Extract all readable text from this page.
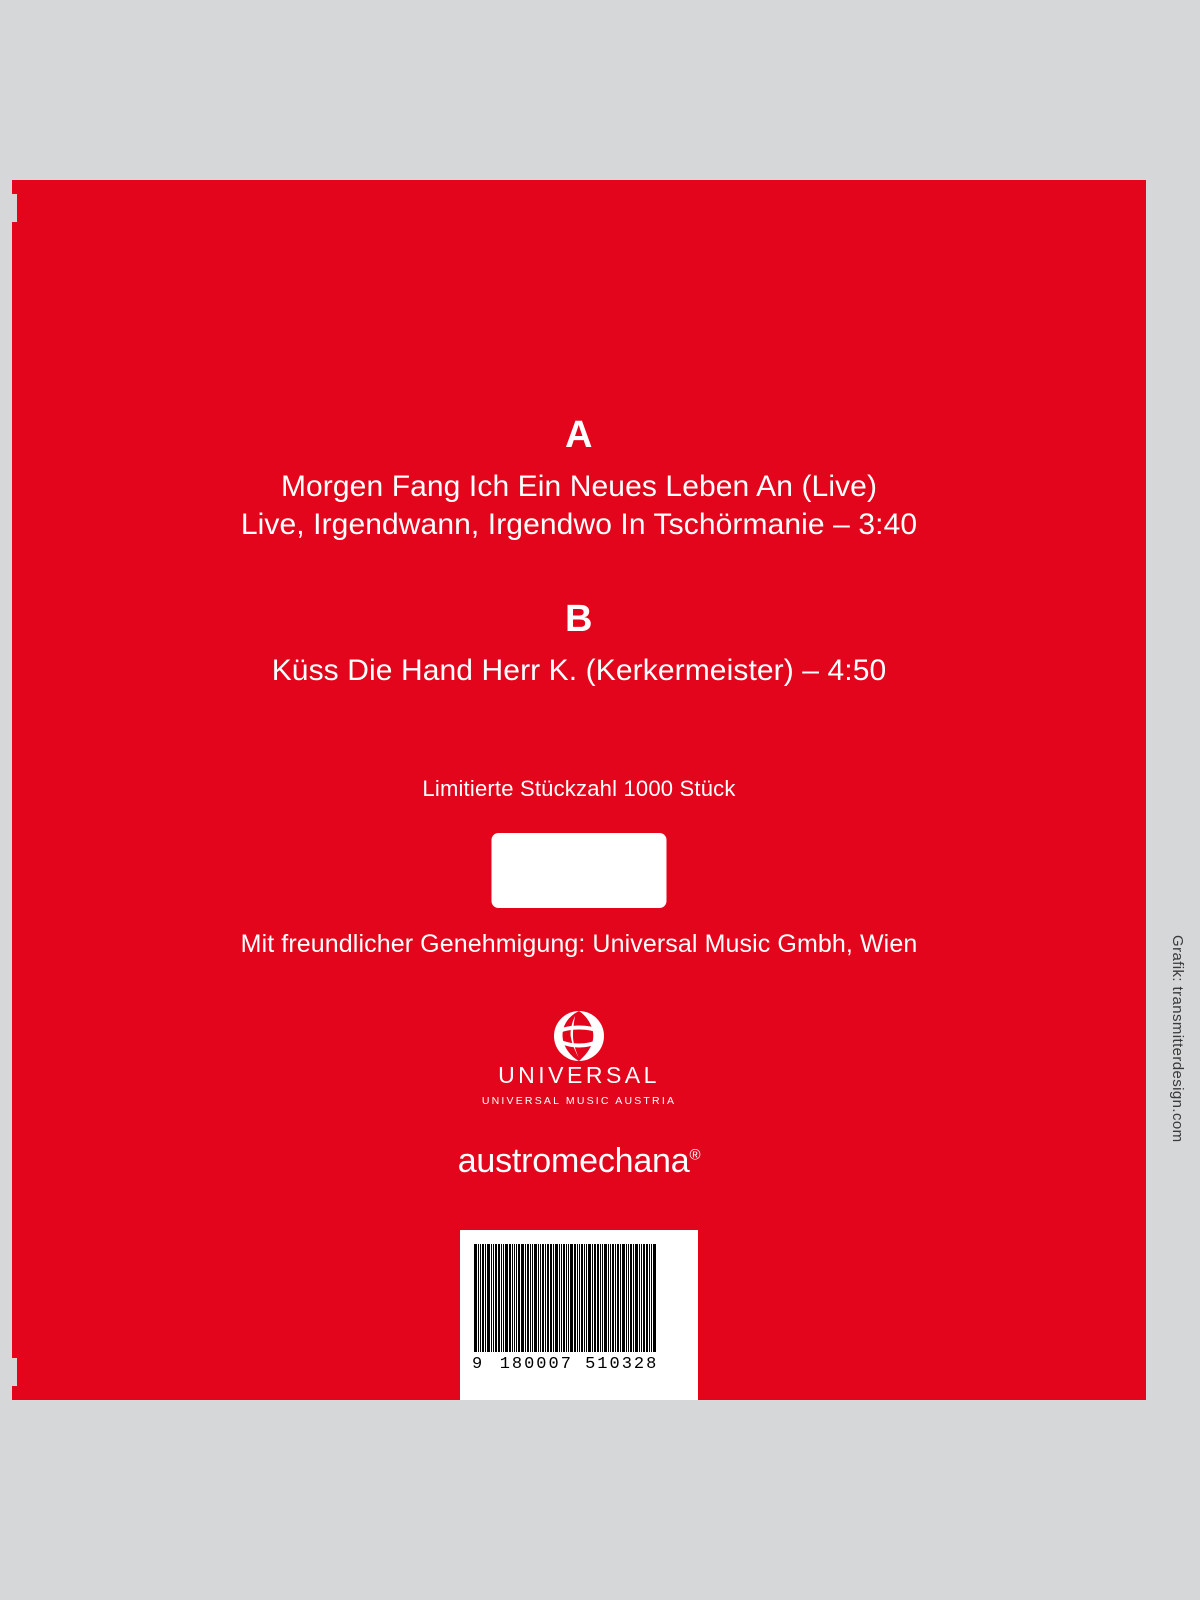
A
Morgen Fang Ich Ein Neues Leben An (Live)
Live, Irgendwann, Irgendwo In Tschörmanie – 3:40
B
Küss Die Hand Herr K. (Kerkermeister) – 4:50
Limitierte Stückzahl 1000 Stück
Mit freundlicher Genehmigung: Universal Music Gmbh, Wien
UNIVERSAL
UNIVERSAL MUSIC AUSTRIA
austromechana®
9 180007 510328
Grafik: transmitterdesign.com
